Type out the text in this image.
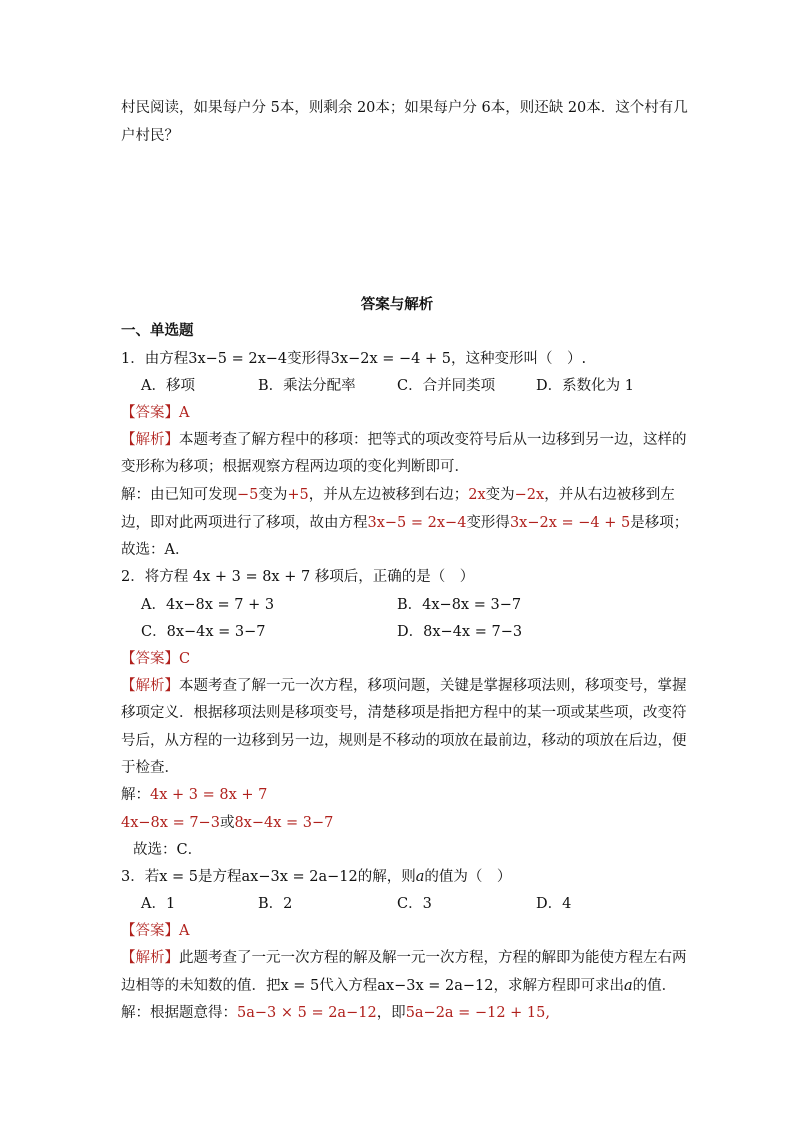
村民阅读，如果每户分 5本，则剩余 20本；如果每户分 6本，则还缺 20本．这个村有几
户村民？
答案与解析
一、单选题
1．由方程3x−5 = 2x−4变形得3x−2x = −4 + 5，这种变形叫（　）.
A．移项	B．乘法分配率	C．合并同类项	D．系数化为 1
【答案】A
【解析】本题考查了解方程中的移项：把等式的项改变符号后从一边移到另一边，这样的
变形称为移项；根据观察方程两边项的变化判断即可．
解：由已知可发现−5变为+5，并从左边被移到右边；2x变为−2x，并从右边被移到左
边，即对此两项进行了移项，故由方程3x−5 = 2x−4变形得3x−2x = −4 + 5是移项；
故选：A．
2．将方程 4x + 3 = 8x + 7 移项后，正确的是（　）
A．4x−8x = 7 + 3	B．4x−8x = 3−7
C．8x−4x = 3−7	D．8x−4x = 7−3
【答案】C
【解析】本题考查了解一元一次方程，移项问题，关键是掌握移项法则，移项变号，掌握
移项定义．根据移项法则是移项变号，清楚移项是指把方程中的某一项或某些项，改变符
号后，从方程的一边移到另一边，规则是不移动的项放在最前边，移动的项放在后边，便
于检查．
解：4x + 3 = 8x + 7
4x−8x = 7−3或8x−4x = 3−7
故选：C．
3．若x = 5是方程ax−3x = 2a−12的解，则a的值为（　）
A．1	B．2	C．3	D．4
【答案】A
【解析】此题考查了一元一次方程的解及解一元一次方程，方程的解即为能使方程左右两
边相等的未知数的值．把x = 5代入方程ax−3x = 2a−12，求解方程即可求出a的值．
解：根据题意得：5a−3 × 5 = 2a−12，即5a−2a = −12 + 15,
